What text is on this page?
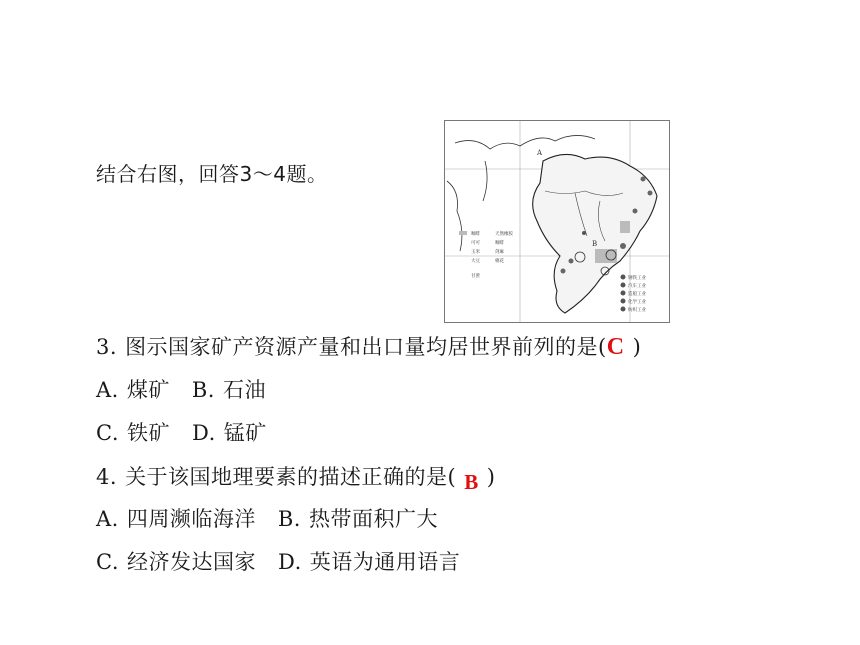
结合右图，回答3～4题。
A
B
咖啡
可可
玉米
大豆
甘蔗
天然橡胶
咖啡
剑麻
棉花
钢铁工业
汽车工业
造船工业
化学工业
纺织工业
3. 图示国家矿产资源产量和出口量均居世界前列的是(C )
A. 煤矿 B. 石油
C. 铁矿 D. 锰矿
4. 关于该国地理要素的描述正确的是( B )
A. 四周濒临海洋 B. 热带面积广大
C. 经济发达国家 D. 英语为通用语言
